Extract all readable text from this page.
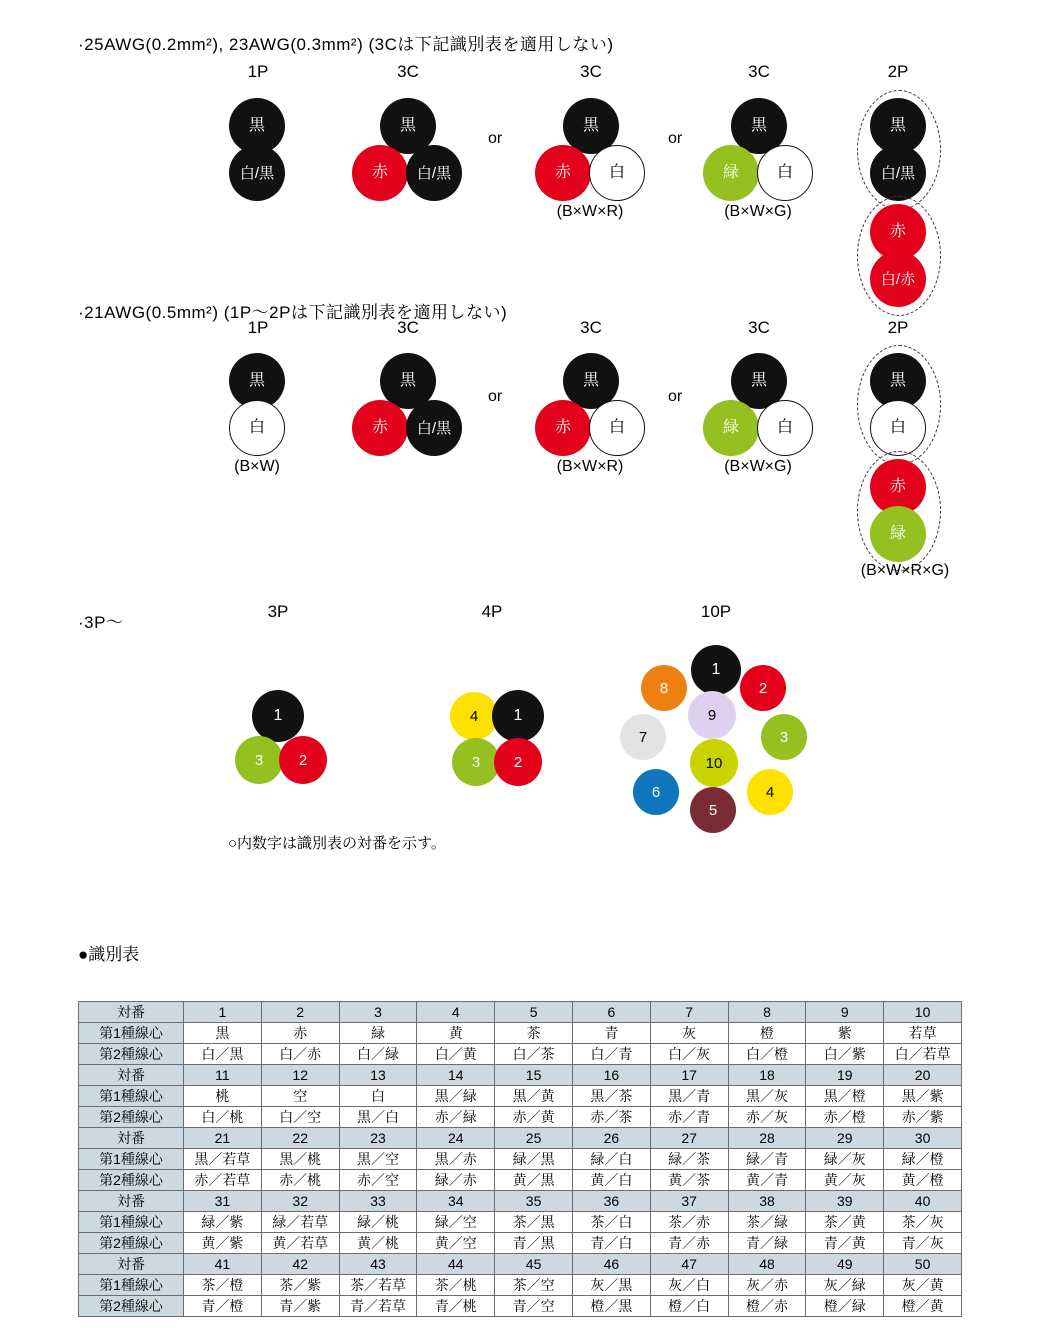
·25AWG(0.2mm²), 23AWG(0.3mm²) (3Cは下記識別表を適用しない)
1P	3C	3C	3C	2P
黒
白/黒
黒
赤	白/黒
or
黒
赤	白
(B×W×R)
or
黒
緑	白
(B×W×G)
黒
白/黒
赤
白/赤
·21AWG(0.5mm²) (1P〜2Pは下記識別表を適用しない)
1P	3C	3C	3C	2P
黒
白
(B×W)
黒
赤	白/黒
or
黒
赤	白
(B×W×R)
or
黒
緑	白
(B×W×G)
黒
白
赤
緑
(B×W×R×G)
·3P〜
3P	4P	10P
1
3	2
4	1
3	2
8
1
2
7
9
3
6
10
4
5
○内数字は識別表の対番を示す。
●識別表
対番	1	2	3	4	5	6	7	8	9	10
第1種線心	黒	赤	緑	黄	茶	青	灰	橙	紫	若草
第2種線心	白／黒	白／赤	白／緑	白／黄	白／茶	白／青	白／灰	白／橙	白／紫	白／若草
対番	11	12	13	14	15	16	17	18	19	20
第1種線心	桃	空	白	黒／緑	黒／黄	黒／茶	黒／青	黒／灰	黒／橙	黒／紫
第2種線心	白／桃	白／空	黒／白	赤／緑	赤／黄	赤／茶	赤／青	赤／灰	赤／橙	赤／紫
対番	21	22	23	24	25	26	27	28	29	30
第1種線心	黒／若草	黒／桃	黒／空	黒／赤	緑／黒	緑／白	緑／茶	緑／青	緑／灰	緑／橙
第2種線心	赤／若草	赤／桃	赤／空	緑／赤	黄／黒	黄／白	黄／茶	黄／青	黄／灰	黄／橙
対番	31	32	33	34	35	36	37	38	39	40
第1種線心	緑／紫	緑／若草	緑／桃	緑／空	茶／黒	茶／白	茶／赤	茶／緑	茶／黄	茶／灰
第2種線心	黄／紫	黄／若草	黄／桃	黄／空	青／黒	青／白	青／赤	青／緑	青／黄	青／灰
対番	41	42	43	44	45	46	47	48	49	50
第1種線心	茶／橙	茶／紫	茶／若草	茶／桃	茶／空	灰／黒	灰／白	灰／赤	灰／緑	灰／黄
第2種線心	青／橙	青／紫	青／若草	青／桃	青／空	橙／黒	橙／白	橙／赤	橙／緑	橙／黄
